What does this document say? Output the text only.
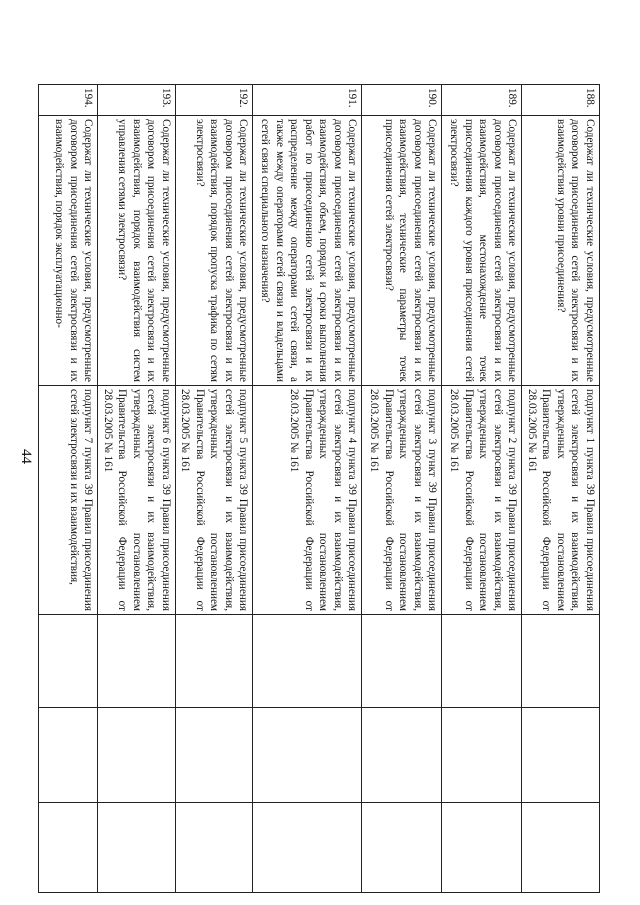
44
188.	Содержат ли технические условия, предусмотренные договором присоединения сетей электросвязи и их взаимодействия уровни присоединения?	подпункт 1 пункта 39 Правил присоединения сетей электросвязи и их взаимодействия, утвержденных постановлением Правительства Российской Федерации от 28.03.2005 № 161			
189.	Содержат ли технические условия, предусмотренные договором присоединения сетей электросвязи и их взаимодействия, местонахождение точек присоединения каждого уровня присоединения сетей электросвязи?	подпункт 2 пункта 39 Правил присоединения сетей электросвязи и их взаимодействия, утвержденных постановлением Правительства Российской Федерации от 28.03.2005 № 161			
190.	Содержат ли технические условия, предусмотренные договором присоединения сетей электросвязи и их взаимодействия, технические параметры точек присоединения сетей электросвязи?	подпункт 3 пункт 39 Правил присоединения сетей электросвязи и их взаимодействия, утвержденных постановлением Правительства Российской Федерации от 28.03.2005 № 161			
191.	Содержат ли технические условия, предусмотренные договором присоединения сетей электросвязи и их взаимодействия, объем, порядок и сроки выполнения работ по присоединению сетей электросвязи и их распределение между операторами сетей связи, а также между операторами сетей связи и владельцами сетей связи специального назначения?	подпункт 4 пункта 39 Правил присоединения сетей электросвязи и их взаимодействия, утвержденных постановлением Правительства Российской Федерации от 28.03.2005 № 161			
192.	Содержат ли технические условия, предусмотренные договором присоединения сетей электросвязи и их взаимодействия, порядок пропуска трафика по сетям электросвязи?	подпункт 5 пункта 39 Правил присоединения сетей электросвязи и их взаимодействия, утвержденных постановлением Правительства Российской Федерации от 28.03.2005 № 161			
193.	Содержат ли технические условия, предусмотренные договором присоединения сетей электросвязи и их взаимодействия, порядок взаимодействия систем управления сетями электросвязи?	подпункт 6 пункта 39 Правил присоединения сетей электросвязи и их взаимодействия, утвержденных постановлением Правительства Российской Федерации от 28.03.2005 № 161			
194.	Содержат ли технические условия, предусмотренные договором присоединения сетей электросвязи и их взаимодействия, порядок эксплуатационно-	подпункт 7 пункта 39 Правил присоединения сетей электросвязи и их взаимодействия,			
